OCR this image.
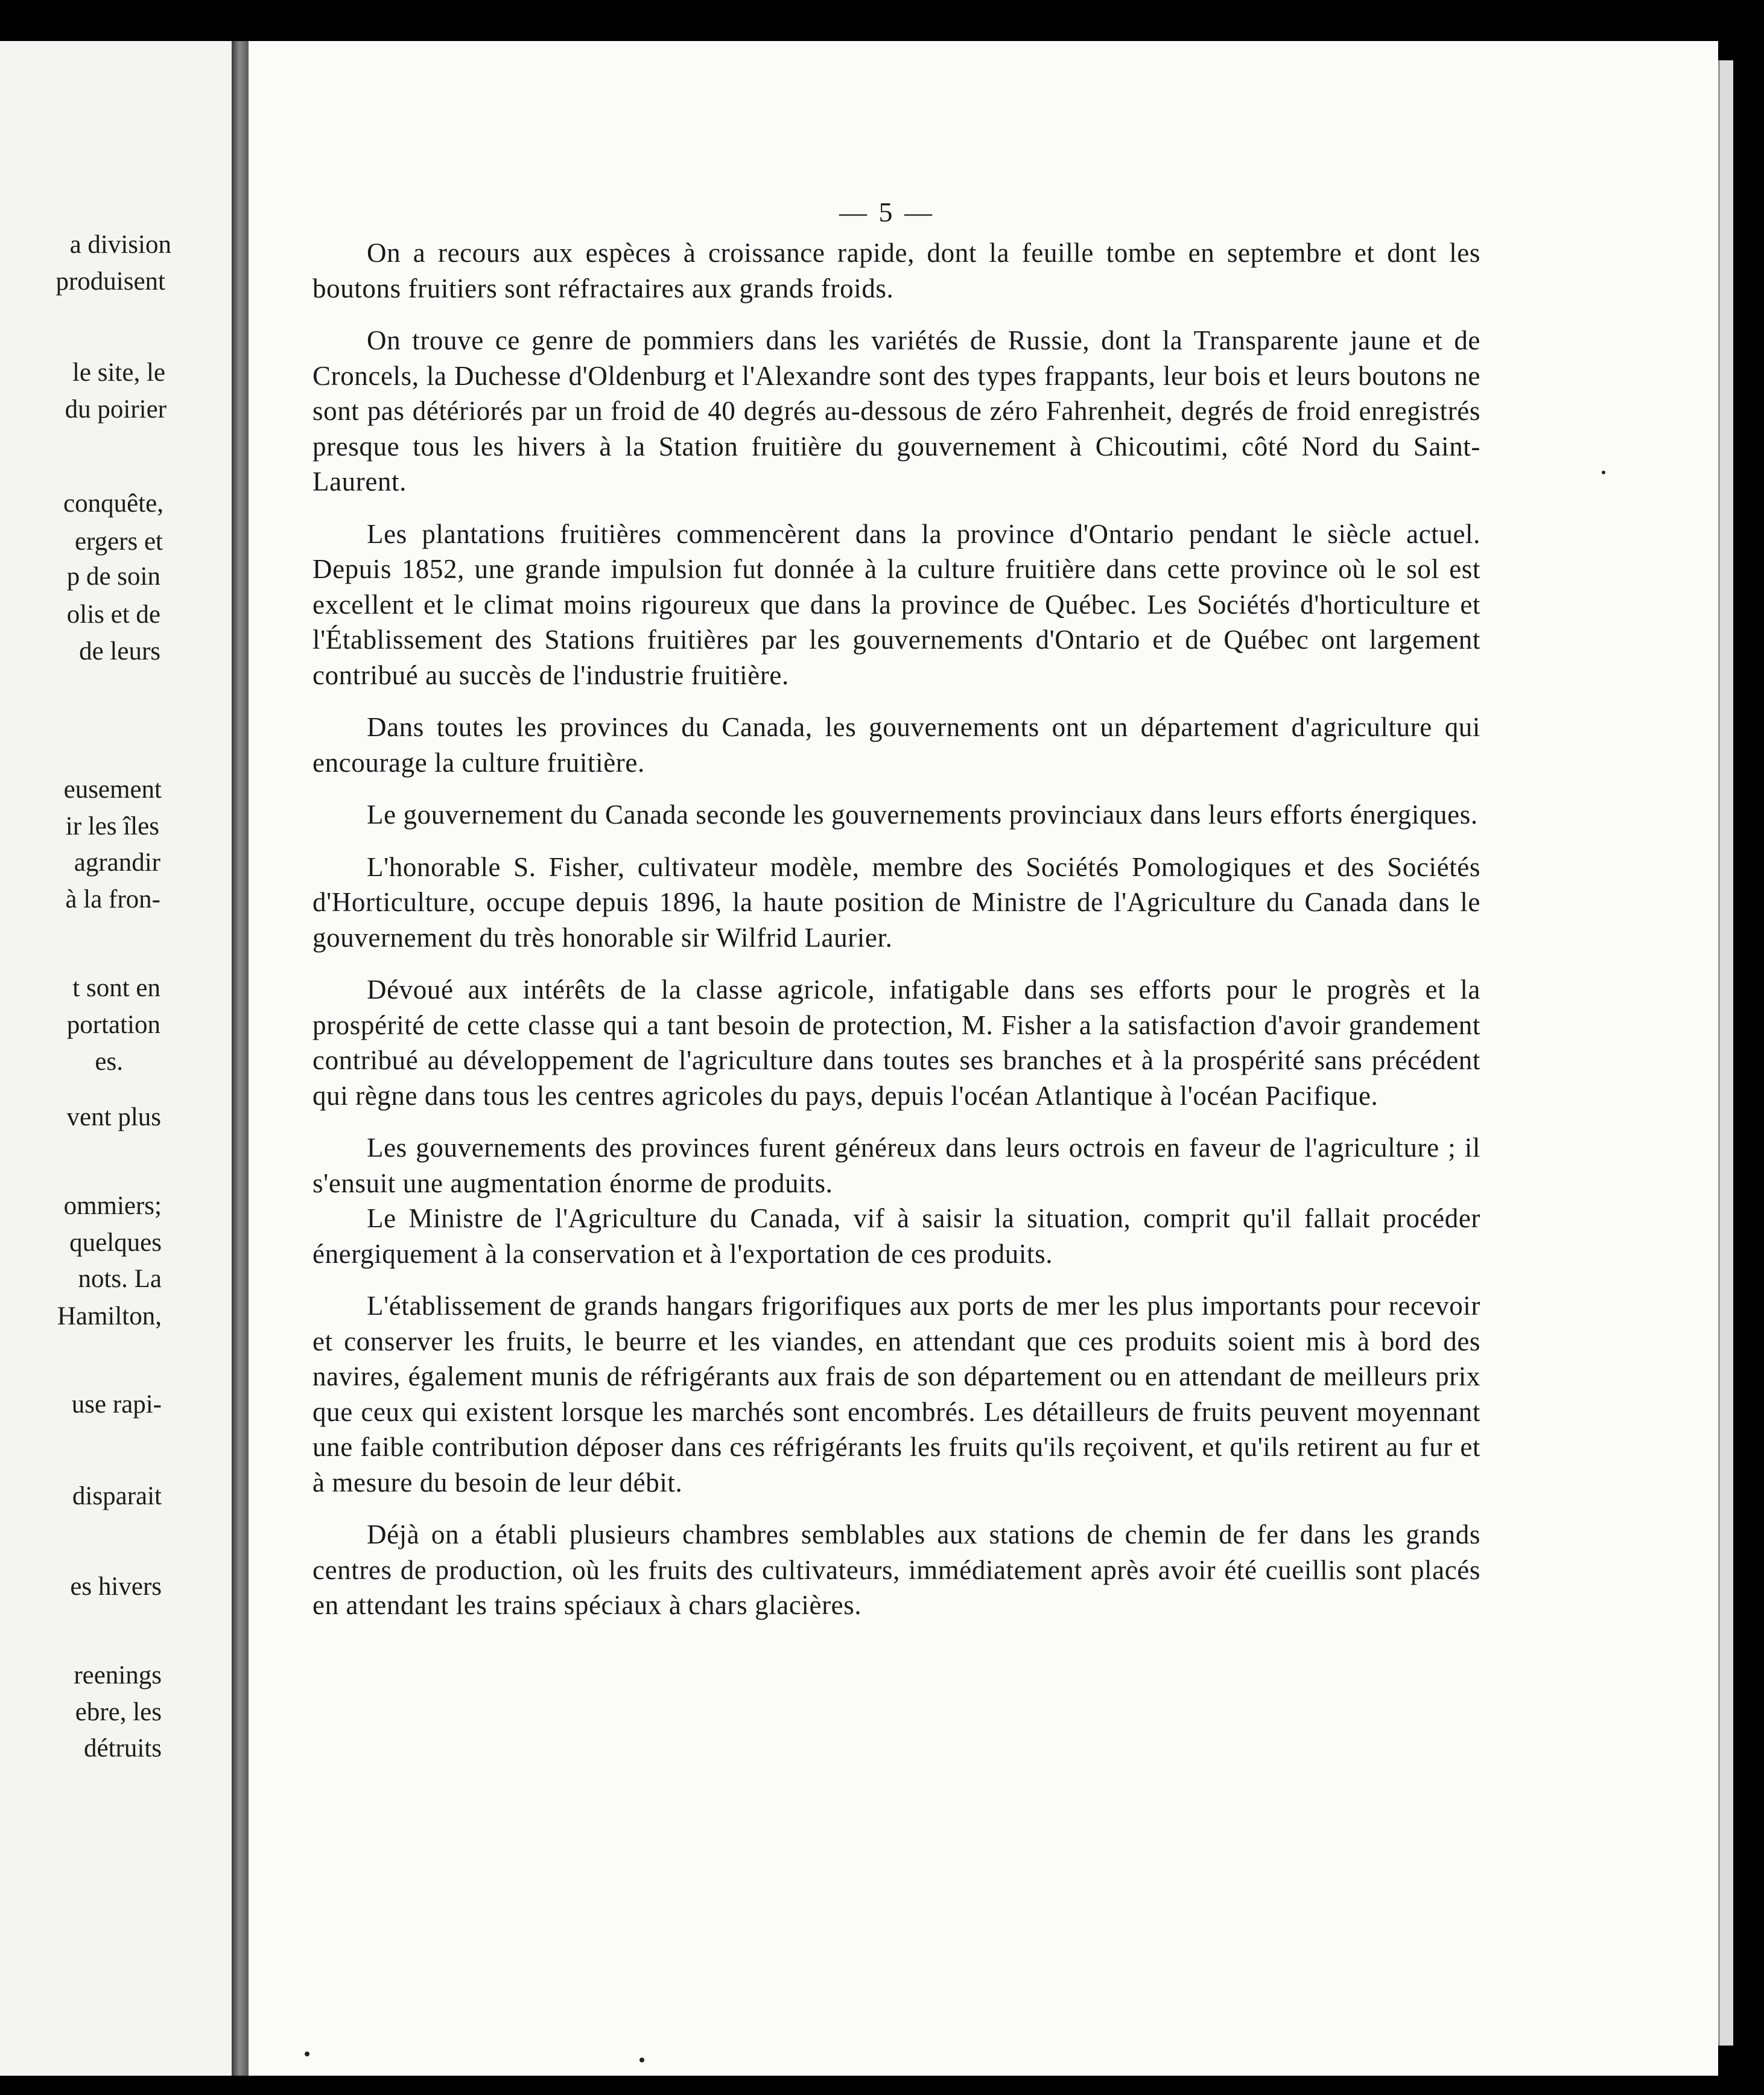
a division
produisent
le site, le
du poirier
conquête,
ergers et
p de soin
olis et de
de leurs
eusement
ir les îles
agrandir
à la fron-
t sont en
portation
es.
vent plus
ommiers;
quelques
nots. La
Hamilton,
use rapi-
disparait
es hivers
reenings
ebre, les
détruits
— 5 —

On a recours aux espèces à croissance rapide, dont la feuille tombe en septembre et dont les boutons fruitiers sont réfractaires aux grands froids.

On trouve ce genre de pommiers dans les variétés de Russie, dont la Transparente jaune et de Croncels, la Duchesse d'Oldenburg et l'Alexandre sont des types frappants, leur bois et leurs boutons ne sont pas détériorés par un froid de 40 degrés au-dessous de zéro Fahrenheit, degrés de froid enregistrés presque tous les hivers à la Station fruitière du gouvernement à Chicoutimi, côté Nord du Saint-Laurent.

Les plantations fruitières commencèrent dans la province d'Ontario pendant le siècle actuel. Depuis 1852, une grande impulsion fut donnée à la culture fruitière dans cette province où le sol est excellent et le climat moins rigoureux que dans la province de Québec. Les Sociétés d'horticulture et l'Établissement des Stations fruitières par les gouvernements d'Ontario et de Québec ont largement contribué au succès de l'industrie fruitière.

Dans toutes les provinces du Canada, les gouvernements ont un département d'agriculture qui encourage la culture fruitière.

Le gouvernement du Canada seconde les gouvernements provinciaux dans leurs efforts énergiques.

L'honorable S. Fisher, cultivateur modèle, membre des Sociétés Pomologiques et des Sociétés d'Horticulture, occupe depuis 1896, la haute position de Ministre de l'Agriculture du Canada dans le gouvernement du très honorable sir Wilfrid Laurier.

Dévoué aux intérêts de la classe agricole, infatigable dans ses efforts pour le progrès et la prospérité de cette classe qui a tant besoin de protection, M. Fisher a la satisfaction d'avoir grandement contribué au développement de l'agriculture dans toutes ses branches et à la prospérité sans précédent qui règne dans tous les centres agricoles du pays, depuis l'océan Atlantique à l'océan Pacifique.

Les gouvernements des provinces furent généreux dans leurs octrois en faveur de l'agriculture ; il s'ensuit une augmentation énorme de produits.

Le Ministre de l'Agriculture du Canada, vif à saisir la situation, comprit qu'il fallait procéder énergiquement à la conservation et à l'exportation de ces produits.

L'établissement de grands hangars frigorifiques aux ports de mer les plus importants pour recevoir et conserver les fruits, le beurre et les viandes, en attendant que ces produits soient mis à bord des navires, également munis de réfrigérants aux frais de son département ou en attendant de meilleurs prix que ceux qui existent lorsque les marchés sont encombrés. Les détailleurs de fruits peuvent moyennant une faible contribution déposer dans ces réfrigérants les fruits qu'ils reçoivent, et qu'ils retirent au fur et à mesure du besoin de leur débit.

Déjà on a établi plusieurs chambres semblables aux stations de chemin de fer dans les grands centres de production, où les fruits des cultivateurs, immédiatement après avoir été cueillis sont placés en attendant les trains spéciaux à chars glacières.
